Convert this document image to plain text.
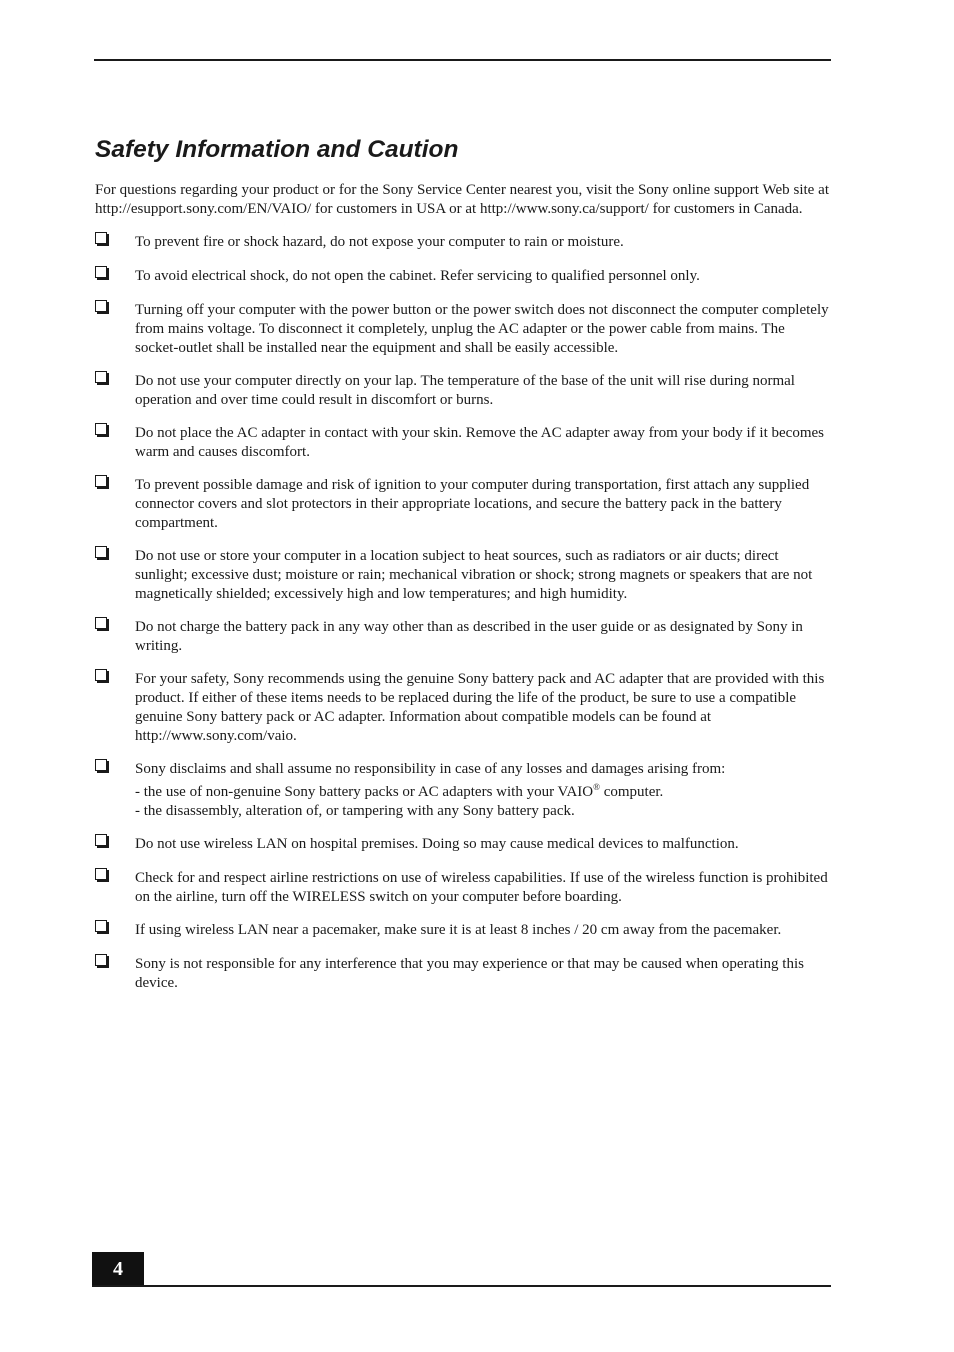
Safety Information and Caution

For questions regarding your product or for the Sony Service Center nearest you, visit the Sony online support Web site at http://esupport.sony.com/EN/VAIO/ for customers in USA or at http://www.sony.ca/support/ for customers in Canada.

To prevent fire or shock hazard, do not expose your computer to rain or moisture.
To avoid electrical shock, do not open the cabinet. Refer servicing to qualified personnel only.
Turning off your computer with the power button or the power switch does not disconnect the computer completely from mains voltage. To disconnect it completely, unplug the AC adapter or the power cable from mains. The socket-outlet shall be installed near the equipment and shall be easily accessible.
Do not use your computer directly on your lap. The temperature of the base of the unit will rise during normal operation and over time could result in discomfort or burns.
Do not place the AC adapter in contact with your skin. Remove the AC adapter away from your body if it becomes warm and causes discomfort.
To prevent possible damage and risk of ignition to your computer during transportation, first attach any supplied connector covers and slot protectors in their appropriate locations, and secure the battery pack in the battery compartment.
Do not use or store your computer in a location subject to heat sources, such as radiators or air ducts; direct sunlight; excessive dust; moisture or rain; mechanical vibration or shock; strong magnets or speakers that are not magnetically shielded; excessively high and low temperatures; and high humidity.
Do not charge the battery pack in any way other than as described in the user guide or as designated by Sony in writing.
For your safety, Sony recommends using the genuine Sony battery pack and AC adapter that are provided with this product. If either of these items needs to be replaced during the life of the product, be sure to use a compatible genuine Sony battery pack or AC adapter. Information about compatible models can be found at http://www.sony.com/vaio.
Sony disclaims and shall assume no responsibility in case of any losses and damages arising from:
- the use of non-genuine Sony battery packs or AC adapters with your VAIO® computer.
- the disassembly, alteration of, or tampering with any Sony battery pack.
Do not use wireless LAN on hospital premises. Doing so may cause medical devices to malfunction.
Check for and respect airline restrictions on use of wireless capabilities. If use of the wireless function is prohibited on the airline, turn off the WIRELESS switch on your computer before boarding.
If using wireless LAN near a pacemaker, make sure it is at least 8 inches / 20 cm away from the pacemaker.
Sony is not responsible for any interference that you may experience or that may be caused when operating this device.
4
